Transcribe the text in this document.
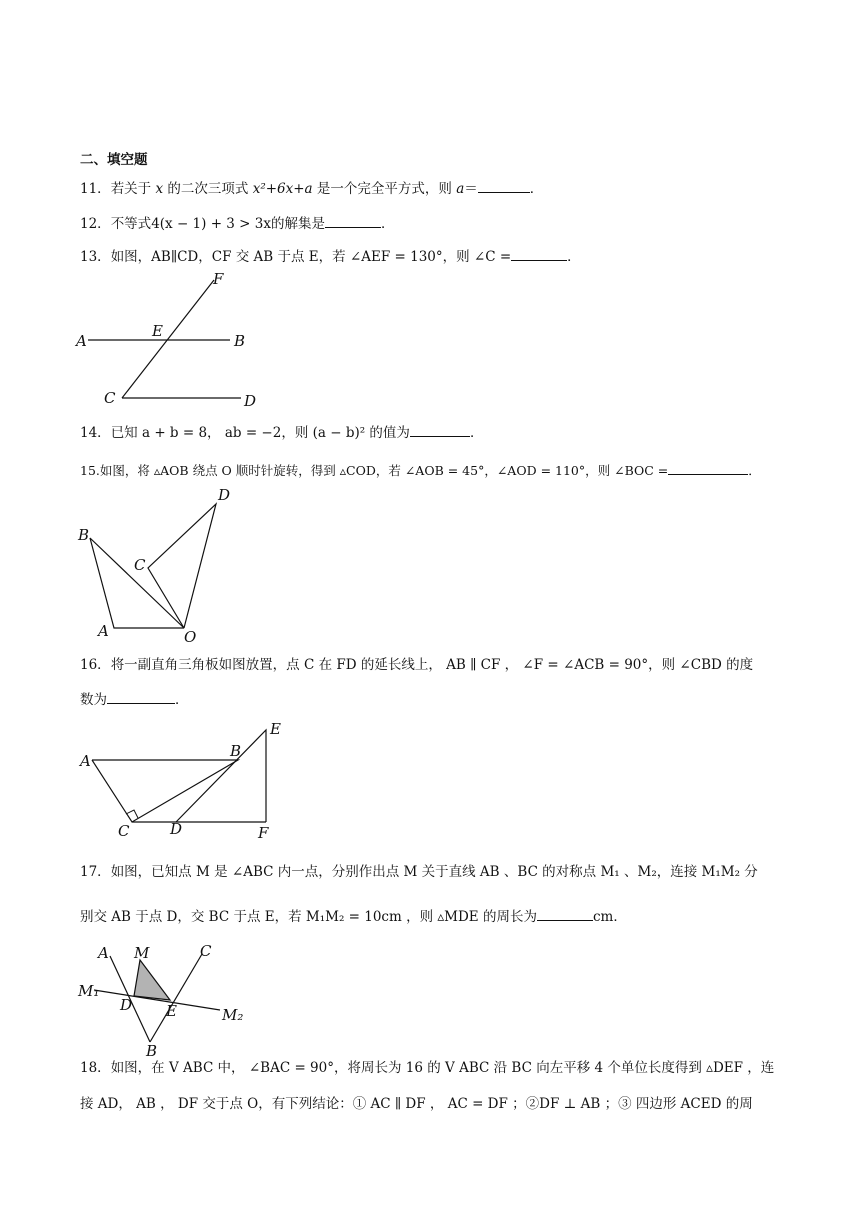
二、填空题
11．若关于 x 的二次三项式 x²+6x+a 是一个完全平方式，则 a＝	．
12．不等式4(x − 1) + 3 > 3x的解集是	．
13．如图，AB∥CD，CF 交 AB 于点 E，若 ∠AEF = 130°，则 ∠C =	．
F
A
E
B
C	D
14．已知 a + b = 8， ab = −2，则 (a − b)² 的值为	．
15.如图，将 ▵AOB 绕点 O 顺时针旋转，得到 ▵COD，若 ∠AOB = 45°，∠AOD = 110°，则 ∠BOC =	．
D
B
C
A	O
16．将一副直角三角板如图放置，点 C 在 FD 的延长线上， AB ∥ CF ， ∠F = ∠ACB = 90°，则 ∠CBD 的度
数为	．
E
A
B
C	D	F
17．如图，已知点 M 是 ∠ABC 内一点，分别作出点 M 关于直线 AB 、BC 的对称点 M₁ 、M₂，连接 M₁M₂ 分
别交 AB 于点 D，交 BC 于点 E，若 M₁M₂ = 10cm ，则 ▵MDE 的周长为	cm．
A M	C
M₁
D E	M₂
B
18．如图，在 V ABC 中， ∠BAC = 90°，将周长为 16 的 V ABC 沿 BC 向左平移 4 个单位长度得到 ▵DEF ，连
接 AD， AB ， DF 交于点 O，有下列结论：① AC ∥ DF ， AC = DF ；②DF ⊥ AB ；③ 四边形 ACED 的周
